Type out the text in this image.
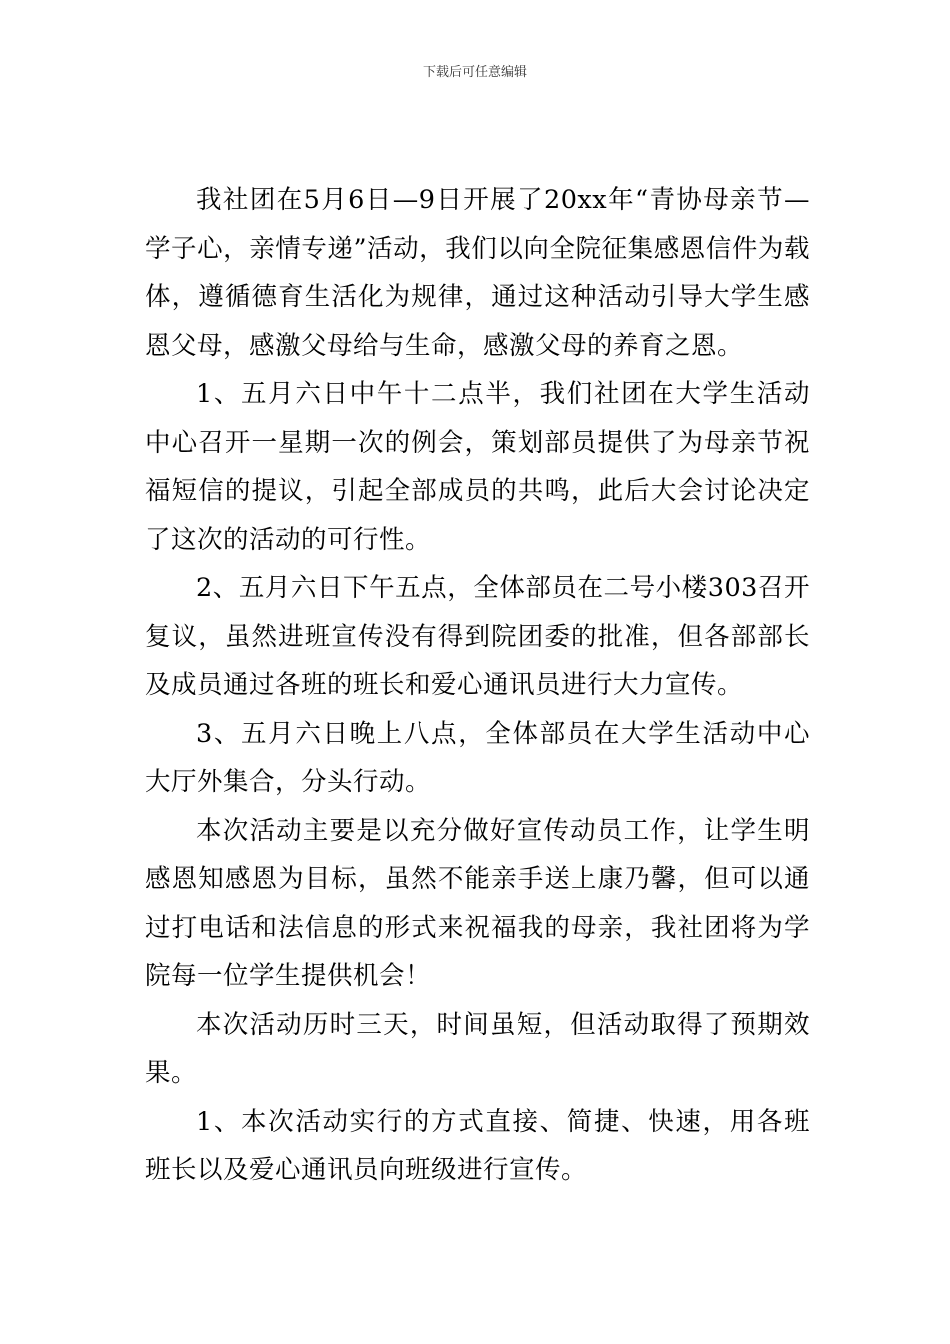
下载后可任意编辑

我社团在5月6日—9日开展了20xx年“青协母亲节—学子心，亲情专递”活动，我们以向全院征集感恩信件为载体，遵循德育生活化为规律，通过这种活动引导大学生感恩父母，感激父母给与生命，感激父母的养育之恩。

1、五月六日中午十二点半，我们社团在大学生活动中心召开一星期一次的例会，策划部员提供了为母亲节祝福短信的提议，引起全部成员的共鸣，此后大会讨论决定了这次的活动的可行性。

2、五月六日下午五点，全体部员在二号小楼303召开复议，虽然进班宣传没有得到院团委的批准，但各部部长及成员通过各班的班长和爱心通讯员进行大力宣传。

3、五月六日晚上八点，全体部员在大学生活动中心大厅外集合，分头行动。

本次活动主要是以充分做好宣传动员工作，让学生明感恩知感恩为目标，虽然不能亲手送上康乃馨，但可以通过打电话和法信息的形式来祝福我的母亲，我社团将为学院每一位学生提供机会！

本次活动历时三天，时间虽短，但活动取得了预期效果。

1、本次活动实行的方式直接、简捷、快速，用各班班长以及爱心通讯员向班级进行宣传。
